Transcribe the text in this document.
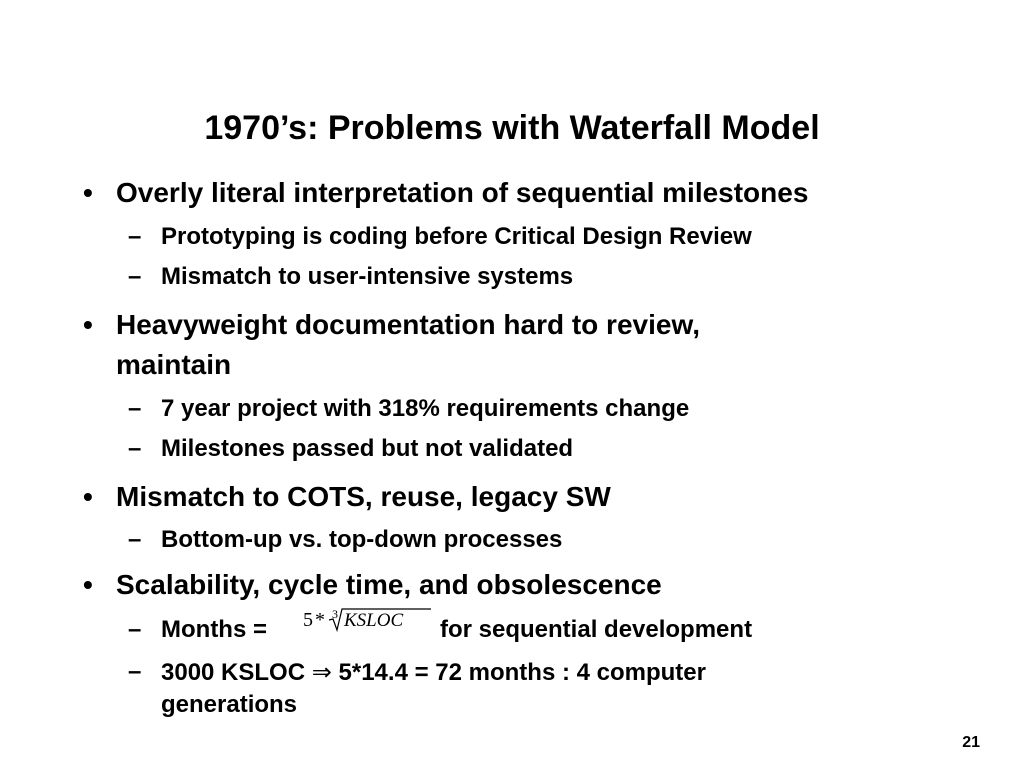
1970’s: Problems with Waterfall Model
• Overly literal interpretation of sequential milestones
– Prototyping is coding before Critical Design Review
– Mismatch to user-intensive systems
• Heavyweight documentation hard to review,
maintain
– 7 year project with 318% requirements change
– Milestones passed but not validated
• Mismatch to COTS, reuse, legacy SW
– Bottom-up vs. top-down processes
• Scalability, cycle time, and obsolescence
– Months = 5 * 3 KSLOC for sequential development
– 3000 KSLOC ⇒ 5*14.4 = 72 months : 4 computer
generations
21
